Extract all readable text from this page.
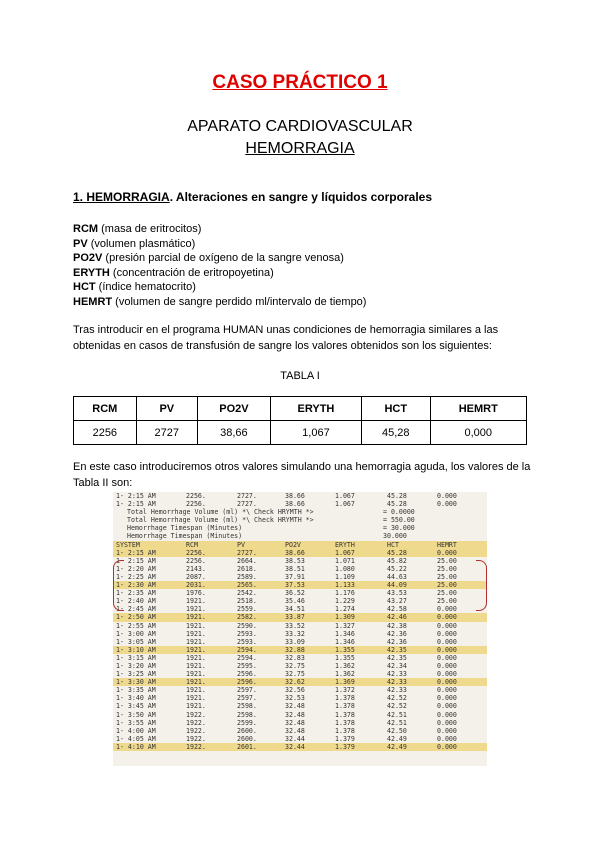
CASO PRÁCTICO 1
APARATO CARDIOVASCULAR
HEMORRAGIA
1. HEMORRAGIA. Alteraciones en sangre y líquidos corporales
RCM (masa de eritrocitos)
PV (volumen plasmático)
PO2V (presión parcial de oxígeno de la sangre venosa)
ERYTH (concentración de eritropoyetina)
HCT (índice hematocrito)
HEMRT (volumen de sangre perdido ml/intervalo de tiempo)
Tras introducir en el programa HUMAN unas condiciones de hemorragia similares a las obtenidas en casos de transfusión de sangre los valores obtenidos son los siguientes:
TABLA I
RCM	PV	PO2V	ERYTH	HCT	HEMRT
2256	2727	38,66	1,067	45,28	0,000
En este caso introduciremos otros valores simulando una hemorragia aguda, los valores de la Tabla II son:
1- 2:15 AM	2256.	2727.	38.66	1.067	45.28	0.000
1- 2:15 AM	2256.	2727.	38.66	1.067	45.28	0.000
Total Hemorrhage Volume (ml) *\ Check HRYMTH *>	= 0.0000
Total Hemorrhage Volume (ml) *\ Check HRYMTH *>	= 550.00
Hemorrhage Timespan (Minutes)	= 30.000
Hemorrhage Timespan (Minutes)	30.000
SYSTEM	RCM	PV	PO2V	ERYTH	HCT	HEMRT
1- 2:15 AM	2256.	2727.	38.66	1.067	45.28	0.000
1- 2:15 AM	2256.	2664.	38.53	1.071	45.82	25.00
1- 2:20 AM	2143.	2618.	38.51	1.080	45.22	25.00
1- 2:25 AM	2087.	2589.	37.91	1.109	44.63	25.00
1- 2:30 AM	2031.	2565.	37.53	1.133	44.09	25.00
1- 2:35 AM	1976.	2542.	36.52	1.176	43.53	25.00
1- 2:40 AM	1921.	2518.	35.46	1.229	43.27	25.00
1- 2:45 AM	1921.	2559.	34.51	1.274	42.58	0.000
1- 2:50 AM	1921.	2582.	33.87	1.309	42.46	0.000
1- 2:55 AM	1921.	2590.	33.52	1.327	42.38	0.000
1- 3:00 AM	1921.	2593.	33.32	1.346	42.36	0.000
1- 3:05 AM	1921.	2593.	33.09	1.346	42.36	0.000
1- 3:10 AM	1921.	2594.	32.88	1.355	42.35	0.000
1- 3:15 AM	1921.	2594.	32.83	1.355	42.35	0.000
1- 3:20 AM	1921.	2595.	32.75	1.362	42.34	0.000
1- 3:25 AM	1921.	2596.	32.75	1.362	42.33	0.000
1- 3:30 AM	1921.	2596.	32.62	1.369	42.33	0.000
1- 3:35 AM	1921.	2597.	32.56	1.372	42.33	0.000
1- 3:40 AM	1921.	2597.	32.53	1.378	42.52	0.000
1- 3:45 AM	1921.	2598.	32.48	1.378	42.52	0.000
1- 3:50 AM	1922.	2598.	32.48	1.378	42.51	0.000
1- 3:55 AM	1922.	2599.	32.48	1.378	42.51	0.000
1- 4:00 AM	1922.	2600.	32.48	1.378	42.50	0.000
1- 4:05 AM	1922.	2600.	32.44	1.379	42.49	0.000
1- 4:10 AM	1922.	2601.	32.44	1.379	42.49	0.000
